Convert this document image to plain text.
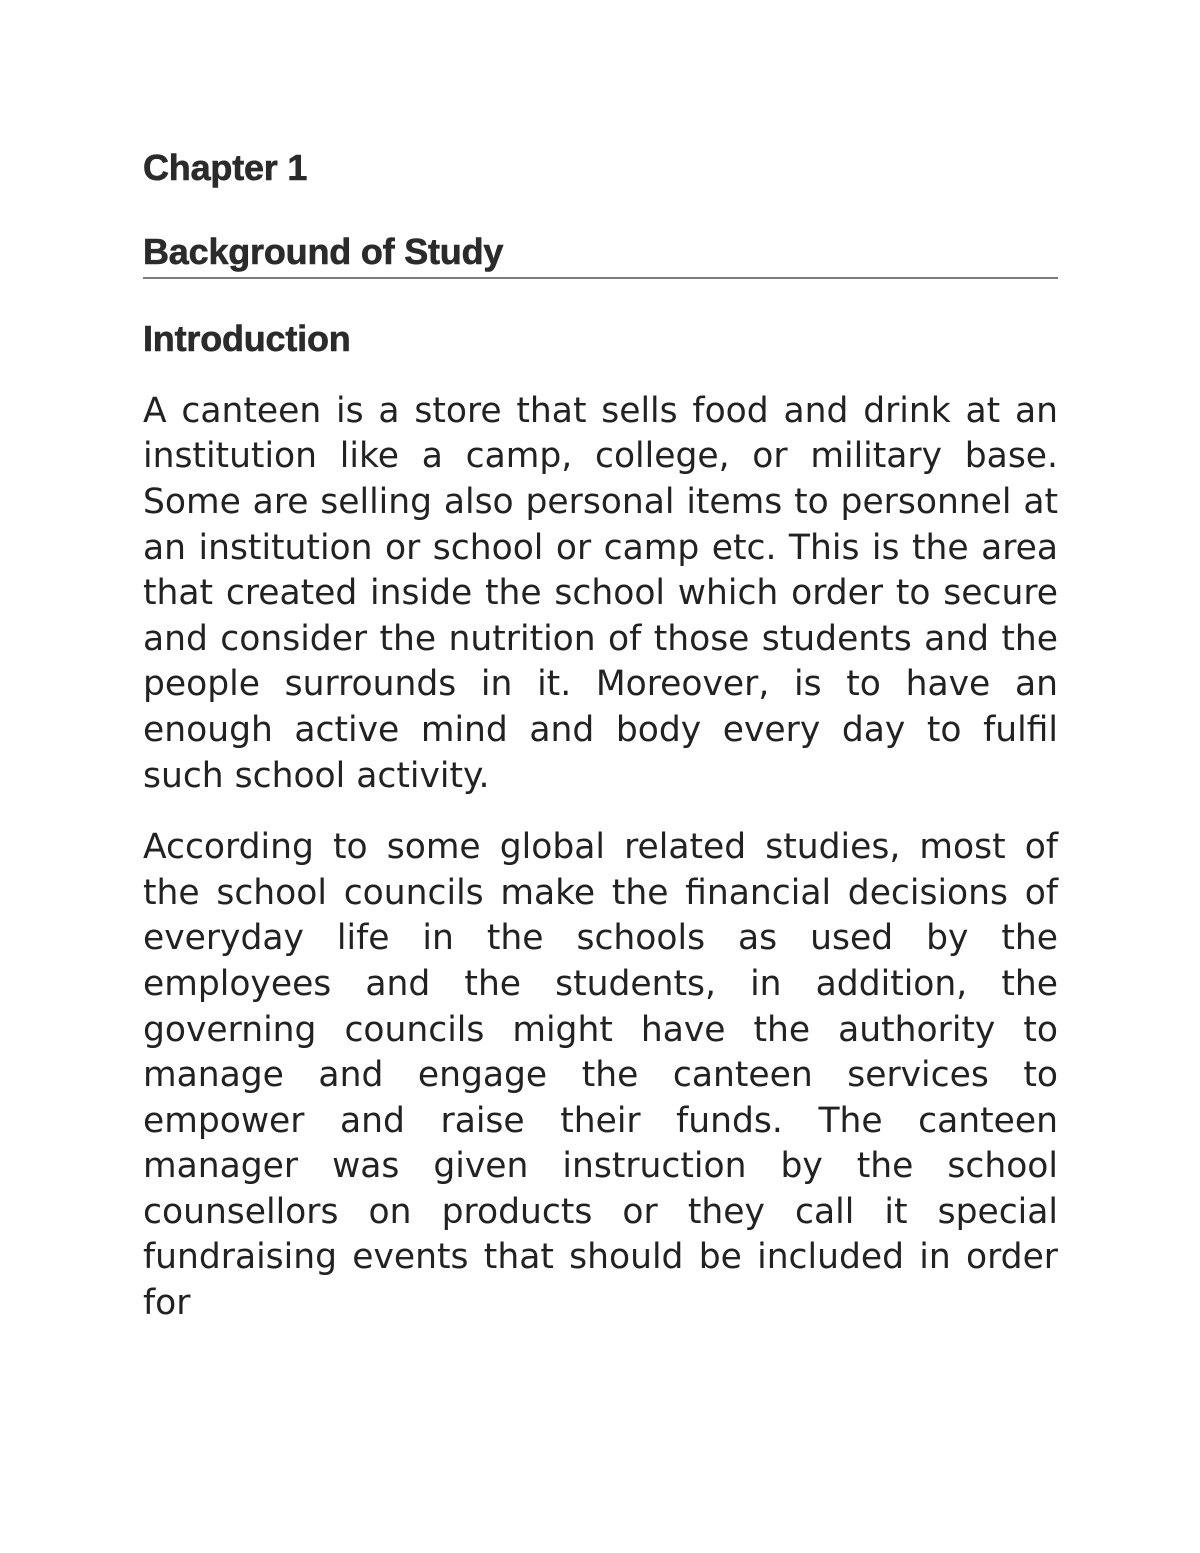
Chapter 1
Background of Study
Introduction

A canteen is a store that sells food and drink at an institution like a camp, college, or military base. Some are selling also personal items to personnel at an institution or school or camp etc. This is the area that created inside the school which order to secure and consider the nutrition of those students and the people surrounds in it. Moreover, is to have an enough active mind and body every day to fulfil such school activity.

According to some global related studies, most of the school councils make the financial decisions of everyday life in the schools as used by the employees and the students, in addition, the governing councils might have the authority to manage and engage the canteen services to empower and raise their funds. The canteen manager was given instruction by the school counsellors on products or they call it special fundraising events that should be included in order for
